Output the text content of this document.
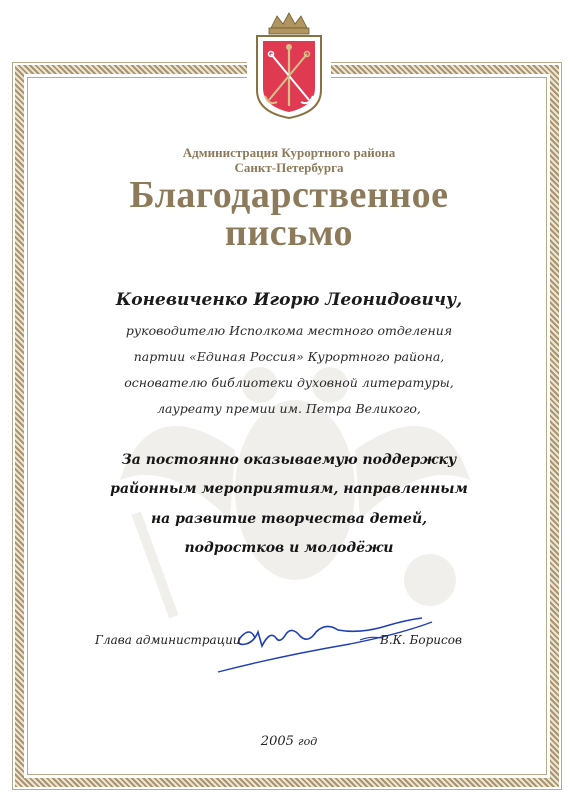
Администрация Курортного района
Санкт-Петербурга
Благодарственное
письмо
Коневиченко Игорю Леонидовичу,
руководителю Исполкома местного отделения
партии «Единая Россия» Курортного района,
основателю библиотеки духовной литературы,
лауреату премии им. Петра Великого,
За постоянно оказываемую поддержку
районным мероприятиям, направленным
на развитие творчества детей,
подростков и молодёжи
Глава администрации	В.К. Борисов
2005 год
